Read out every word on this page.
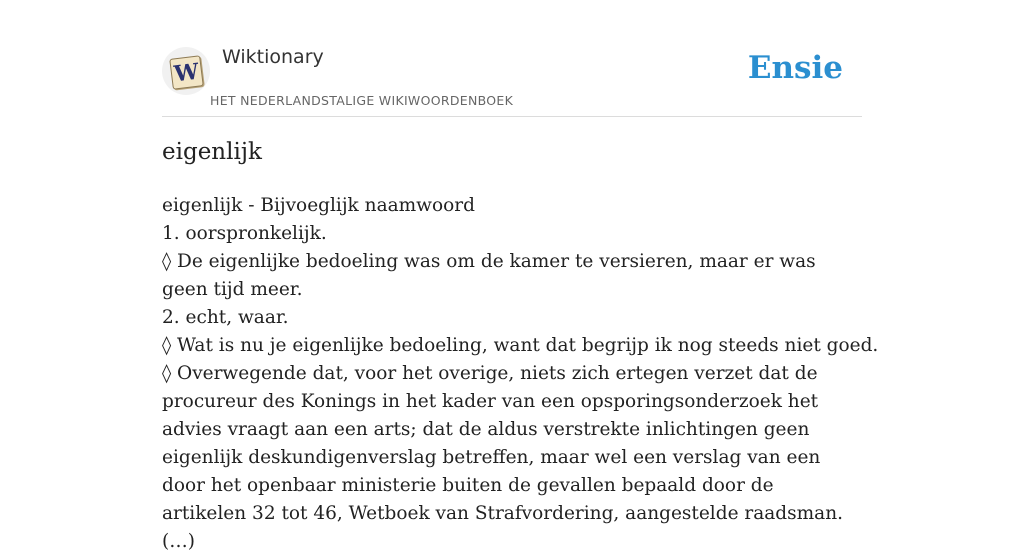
W
Wiktionary
HET NEDERLANDSTALIGE WIKIWOORDENBOEK
Ensie
eigenlijk

eigenlijk - Bijvoeglijk naamwoord

1. oorspronkelijk.

◊ De eigenlijke bedoeling was om de kamer te versieren, maar er was geen tijd meer.

2. echt, waar.

◊ Wat is nu je eigenlijke bedoeling, want dat begrijp ik nog steeds niet goed.

◊ Overwegende dat, voor het overige, niets zich ertegen verzet dat de procureur des Konings in het kader van een opsporingsonderzoek het advies vraagt aan een arts; dat de aldus verstrekte inlichtingen geen eigenlijk deskundigenverslag betreffen, maar wel een verslag van een door het openbaar ministerie buiten de gevallen bepaald door de artikelen 32 tot 46, Wetboek van Strafvordering, aangestelde raadsman. (…)
